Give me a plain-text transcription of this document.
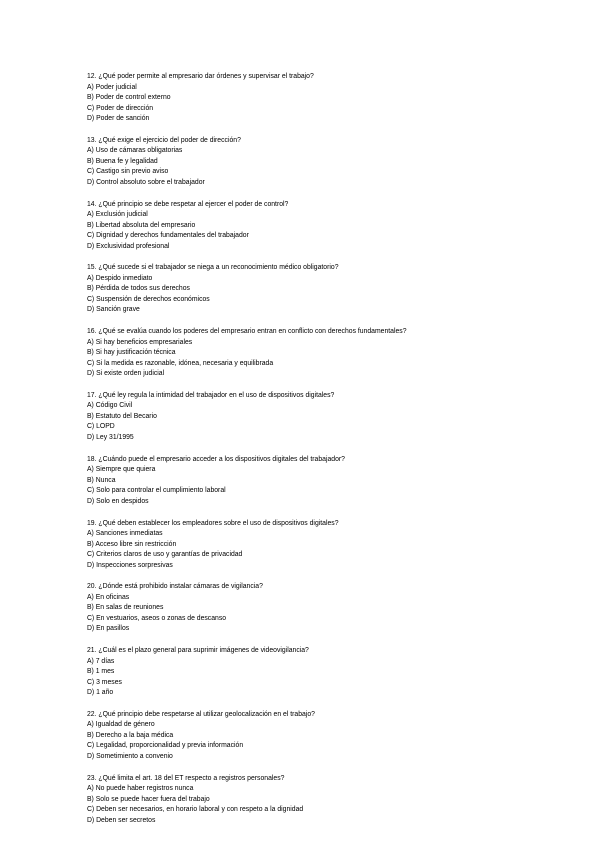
12. ¿Qué poder permite al empresario dar órdenes y supervisar el trabajo?
A) Poder judicial
B) Poder de control externo
C) Poder de dirección
D) Poder de sanción
13. ¿Qué exige el ejercicio del poder de dirección?
A) Uso de cámaras obligatorias
B) Buena fe y legalidad
C) Castigo sin previo aviso
D) Control absoluto sobre el trabajador
14. ¿Qué principio se debe respetar al ejercer el poder de control?
A) Exclusión judicial
B) Libertad absoluta del empresario
C) Dignidad y derechos fundamentales del trabajador
D) Exclusividad profesional
15. ¿Qué sucede si el trabajador se niega a un reconocimiento médico obligatorio?
A) Despido inmediato
B) Pérdida de todos sus derechos
C) Suspensión de derechos económicos
D) Sanción grave
16. ¿Qué se evalúa cuando los poderes del empresario entran en conflicto con derechos fundamentales?
A) Si hay beneficios empresariales
B) Si hay justificación técnica
C) Si la medida es razonable, idónea, necesaria y equilibrada
D) Si existe orden judicial
17. ¿Qué ley regula la intimidad del trabajador en el uso de dispositivos digitales?
A) Código Civil
B) Estatuto del Becario
C) LOPD
D) Ley 31/1995
18. ¿Cuándo puede el empresario acceder a los dispositivos digitales del trabajador?
A) Siempre que quiera
B) Nunca
C) Solo para controlar el cumplimiento laboral
D) Solo en despidos
19. ¿Qué deben establecer los empleadores sobre el uso de dispositivos digitales?
A) Sanciones inmediatas
B) Acceso libre sin restricción
C) Criterios claros de uso y garantías de privacidad
D) Inspecciones sorpresivas
20. ¿Dónde está prohibido instalar cámaras de vigilancia?
A) En oficinas
B) En salas de reuniones
C) En vestuarios, aseos o zonas de descanso
D) En pasillos
21. ¿Cuál es el plazo general para suprimir imágenes de videovigilancia?
A) 7 días
B) 1 mes
C) 3 meses
D) 1 año
22. ¿Qué principio debe respetarse al utilizar geolocalización en el trabajo?
A) Igualdad de género
B) Derecho a la baja médica
C) Legalidad, proporcionalidad y previa información
D) Sometimiento a convenio
23. ¿Qué limita el art. 18 del ET respecto a registros personales?
A) No puede haber registros nunca
B) Solo se puede hacer fuera del trabajo
C) Deben ser necesarios, en horario laboral y con respeto a la dignidad
D) Deben ser secretos
